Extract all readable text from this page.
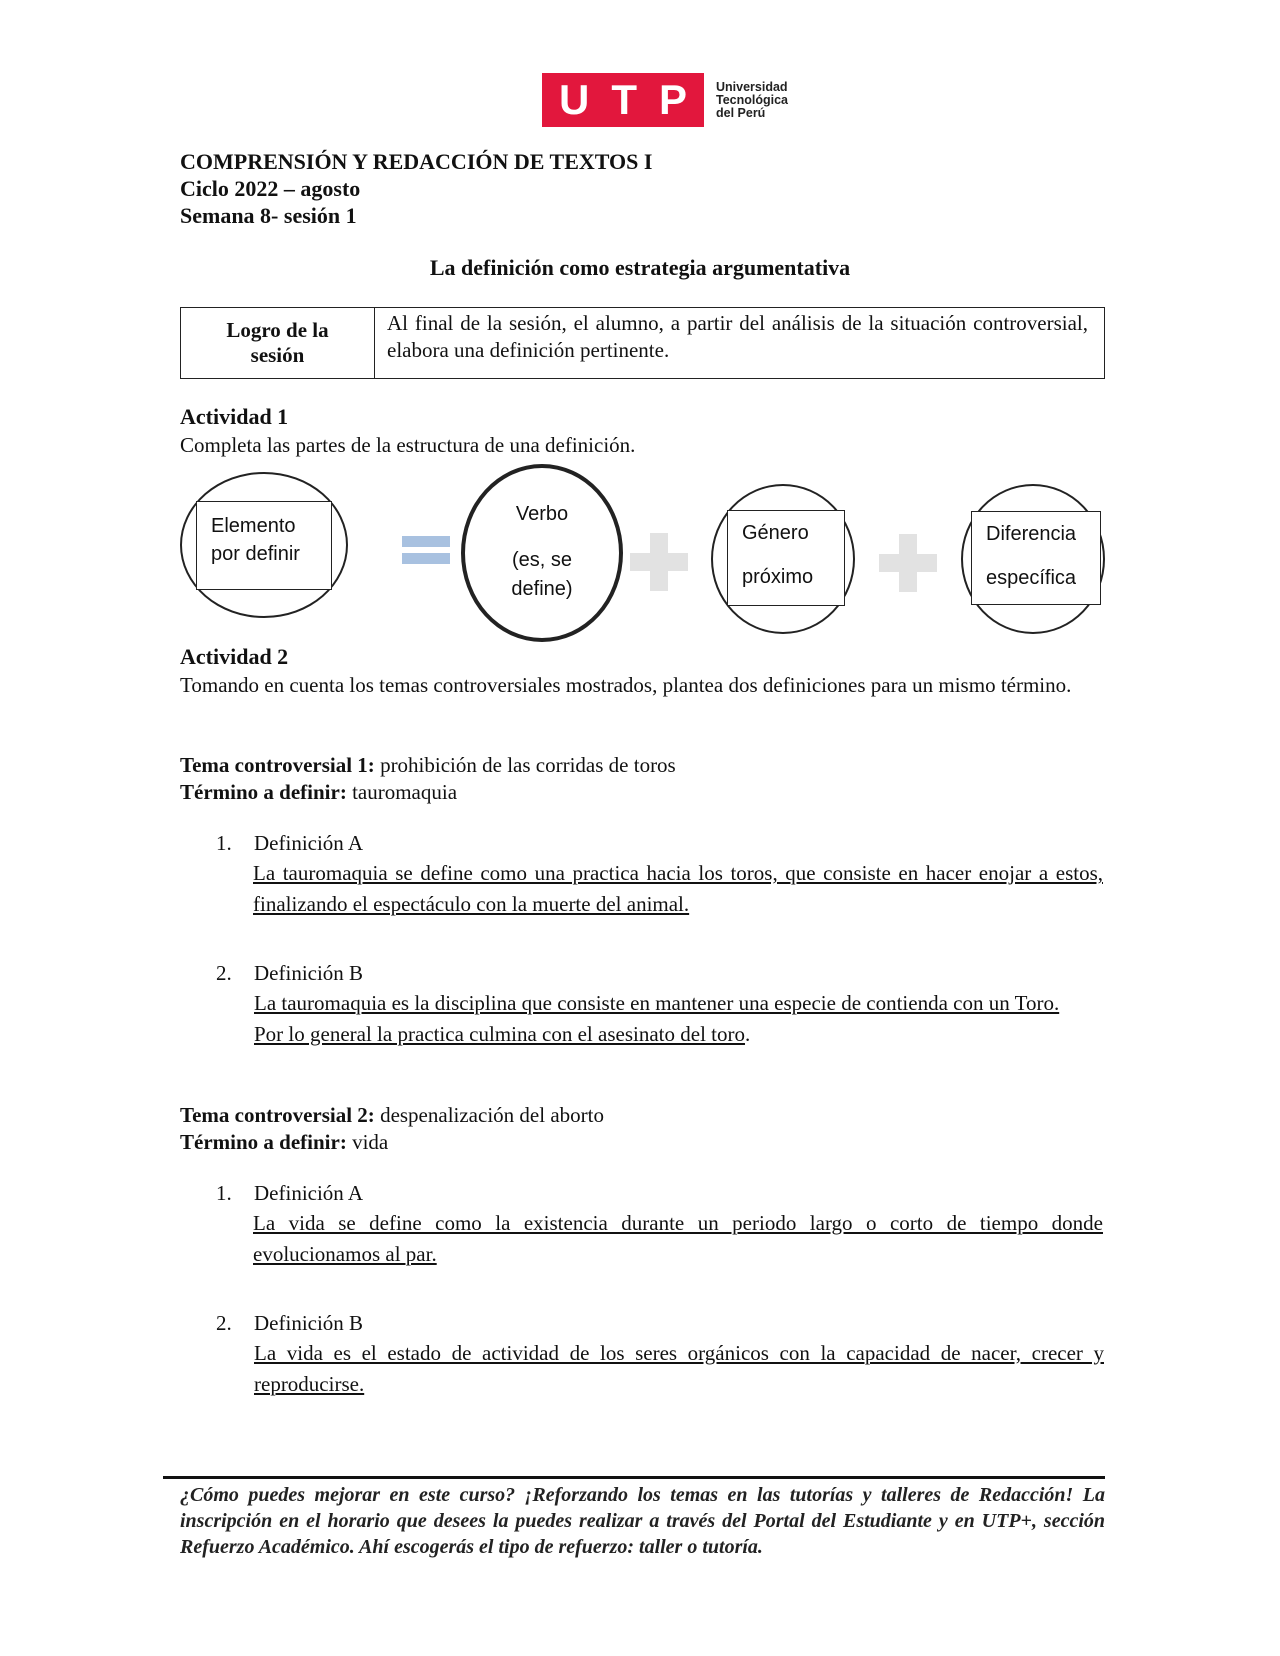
U T P Universidad
Tecnológica
del Perú
COMPRENSIÓN Y REDACCIÓN DE TEXTOS I
Ciclo 2022 – agosto
Semana 8- sesión 1
La definición como estrategia argumentativa
Logro de la
sesión
Al final de la sesión, el alumno, a partir del análisis de la situación controversial, elabora una definición pertinente.
Actividad 1
Completa las partes de la estructura de una definición.
Elemento
por definir
Verbo
(es, se
define)
Género
próximo
Diferencia
específica
Actividad 2
Tomando en cuenta los temas controversiales mostrados, plantea dos definiciones para un mismo término.
Tema controversial 1: prohibición de las corridas de toros
Término a definir: tauromaquia
1. Definición A
La tauromaquia se define como una practica hacia los toros, que consiste en hacer enojar a estos, finalizando el espectáculo con la muerte del animal.
2. Definición B
La tauromaquia es la disciplina que consiste en mantener una especie de contienda con un Toro. Por lo general la practica culmina con el asesinato del toro.
Tema controversial 2: despenalización del aborto
Término a definir: vida
1. Definición A
La vida se define como la existencia durante un periodo largo o corto de tiempo donde evolucionamos al par.
2. Definición B
La vida es el estado de actividad de los seres orgánicos con la capacidad de nacer, crecer y reproducirse.
¿Cómo puedes mejorar en este curso? ¡Reforzando los temas en las tutorías y talleres de Redacción! La inscripción en el horario que desees la puedes realizar a través del Portal del Estudiante y en UTP+, sección Refuerzo Académico. Ahí escogerás el tipo de refuerzo: taller o tutoría.
